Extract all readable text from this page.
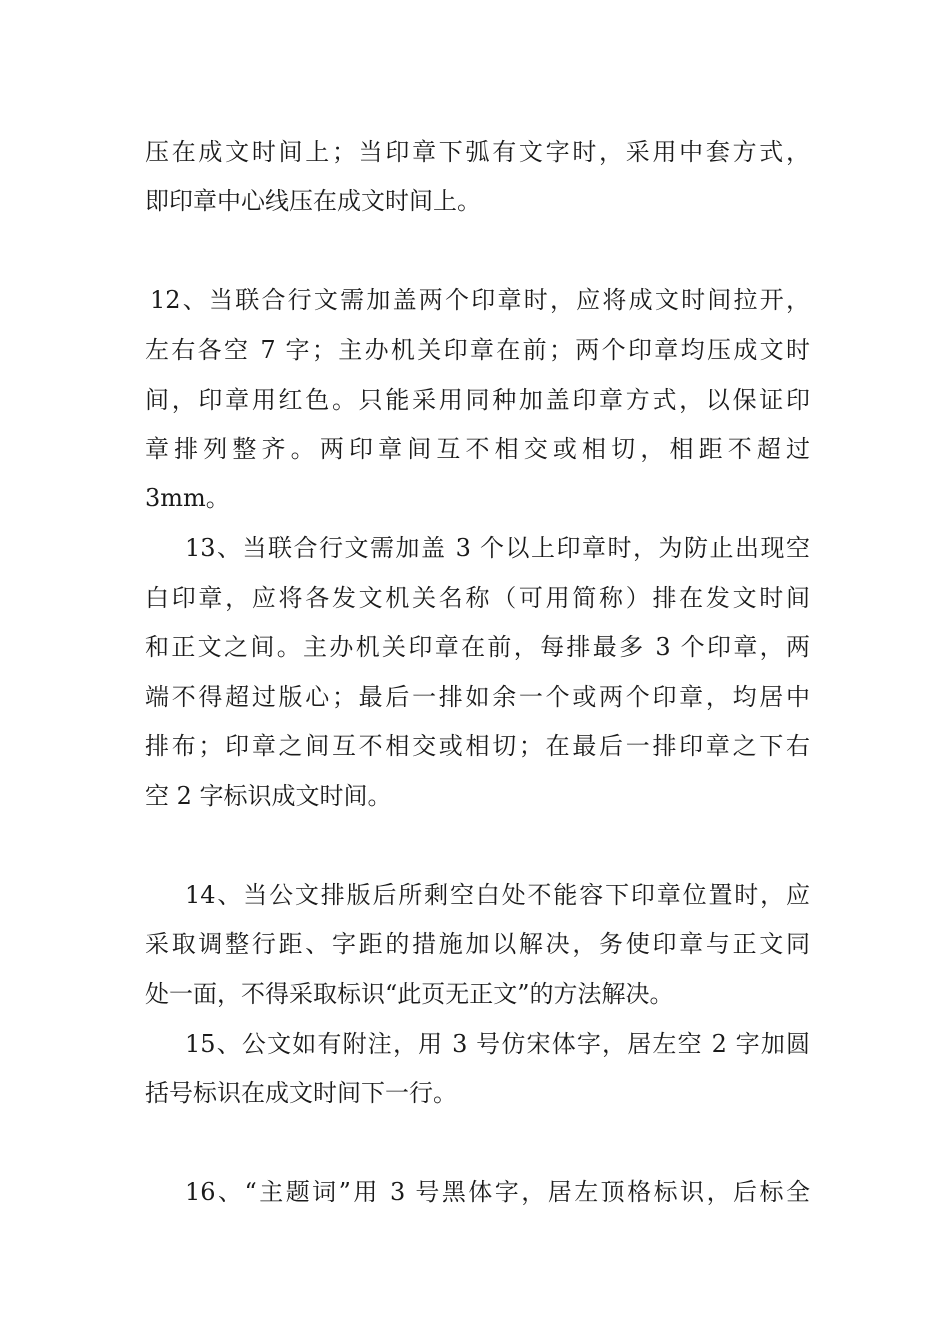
压在成文时间上；当印章下弧有文字时，采用中套方式，
即印章中心线压在成文时间上。
12、当联合行文需加盖两个印章时，应将成文时间拉开，
左右各空 7 字；主办机关印章在前；两个印章均压成文时
间，印章用红色。只能采用同种加盖印章方式，以保证印
章排列整齐。两印章间互不相交或相切，相距不超过
3mm。
13、当联合行文需加盖 3 个以上印章时，为防止出现空
白印章，应将各发文机关名称（可用简称）排在发文时间
和正文之间。主办机关印章在前，每排最多 3 个印章，两
端不得超过版心；最后一排如余一个或两个印章，均居中
排布；印章之间互不相交或相切；在最后一排印章之下右
空 2 字标识成文时间。
14、当公文排版后所剩空白处不能容下印章位置时，应
采取调整行距、字距的措施加以解决，务使印章与正文同
处一面，不得采取标识“此页无正文”的方法解决。
15、公文如有附注，用 3 号仿宋体字，居左空 2 字加圆
括号标识在成文时间下一行。
16、“主题词”用 3 号黑体字，居左顶格标识，后标全
